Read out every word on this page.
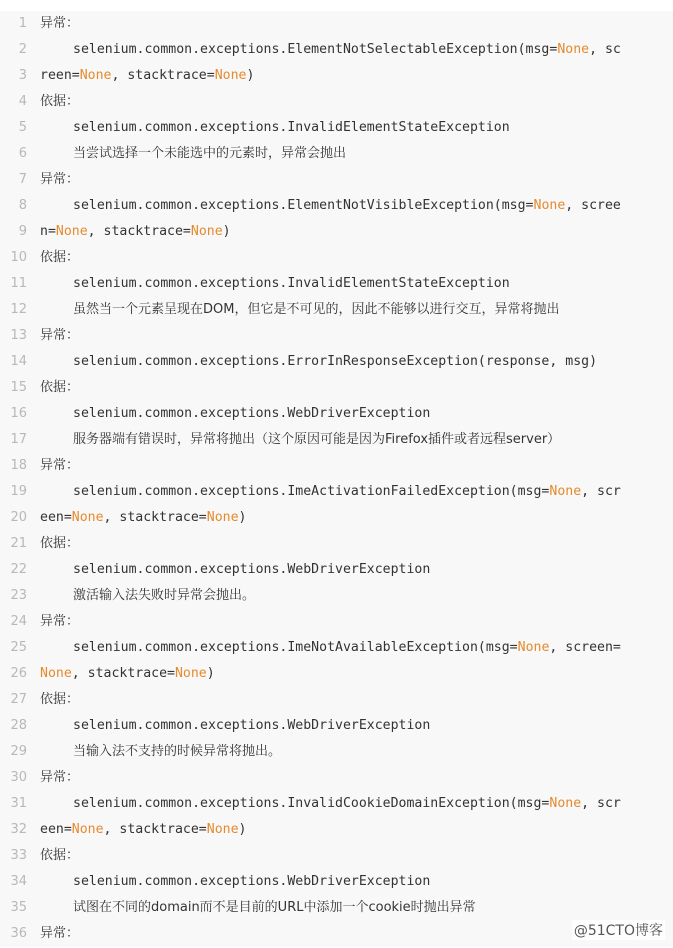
1	异常：
2	selenium.common.exceptions.ElementNotSelectableException(msg=None, sc
3 reen=None, stacktrace=None)
4	依据：
5	selenium.common.exceptions.InvalidElementStateException
6	当尝试选择一个未能选中的元素时，异常会抛出
7	异常：
8	selenium.common.exceptions.ElementNotVisibleException(msg=None, scree
9 n=None, stacktrace=None)
10	依据：
11	selenium.common.exceptions.InvalidElementStateException
12	虽然当一个元素呈现在DOM，但它是不可见的，因此不能够以进行交互，异常将抛出
13	异常：
14	selenium.common.exceptions.ErrorInResponseException(response, msg)
15	依据：
16	selenium.common.exceptions.WebDriverException
17	服务器端有错误时，异常将抛出（这个原因可能是因为Firefox插件或者远程server）
18	异常：
19	selenium.common.exceptions.ImeActivationFailedException(msg=None, scr
20 een=None, stacktrace=None)
21	依据：
22	selenium.common.exceptions.WebDriverException
23	激活输入法失败时异常会抛出。
24	异常：
25	selenium.common.exceptions.ImeNotAvailableException(msg=None, screen=
26 None, stacktrace=None)
27	依据：
28	selenium.common.exceptions.WebDriverException
29	当输入法不支持的时候异常将抛出。
30	异常：
31	selenium.common.exceptions.InvalidCookieDomainException(msg=None, scr
32 een=None, stacktrace=None)
33	依据：
34	selenium.common.exceptions.WebDriverException
35	试图在不同的domain而不是目前的URL中添加一个cookie时抛出异常
36	异常：	@51CTO博客
